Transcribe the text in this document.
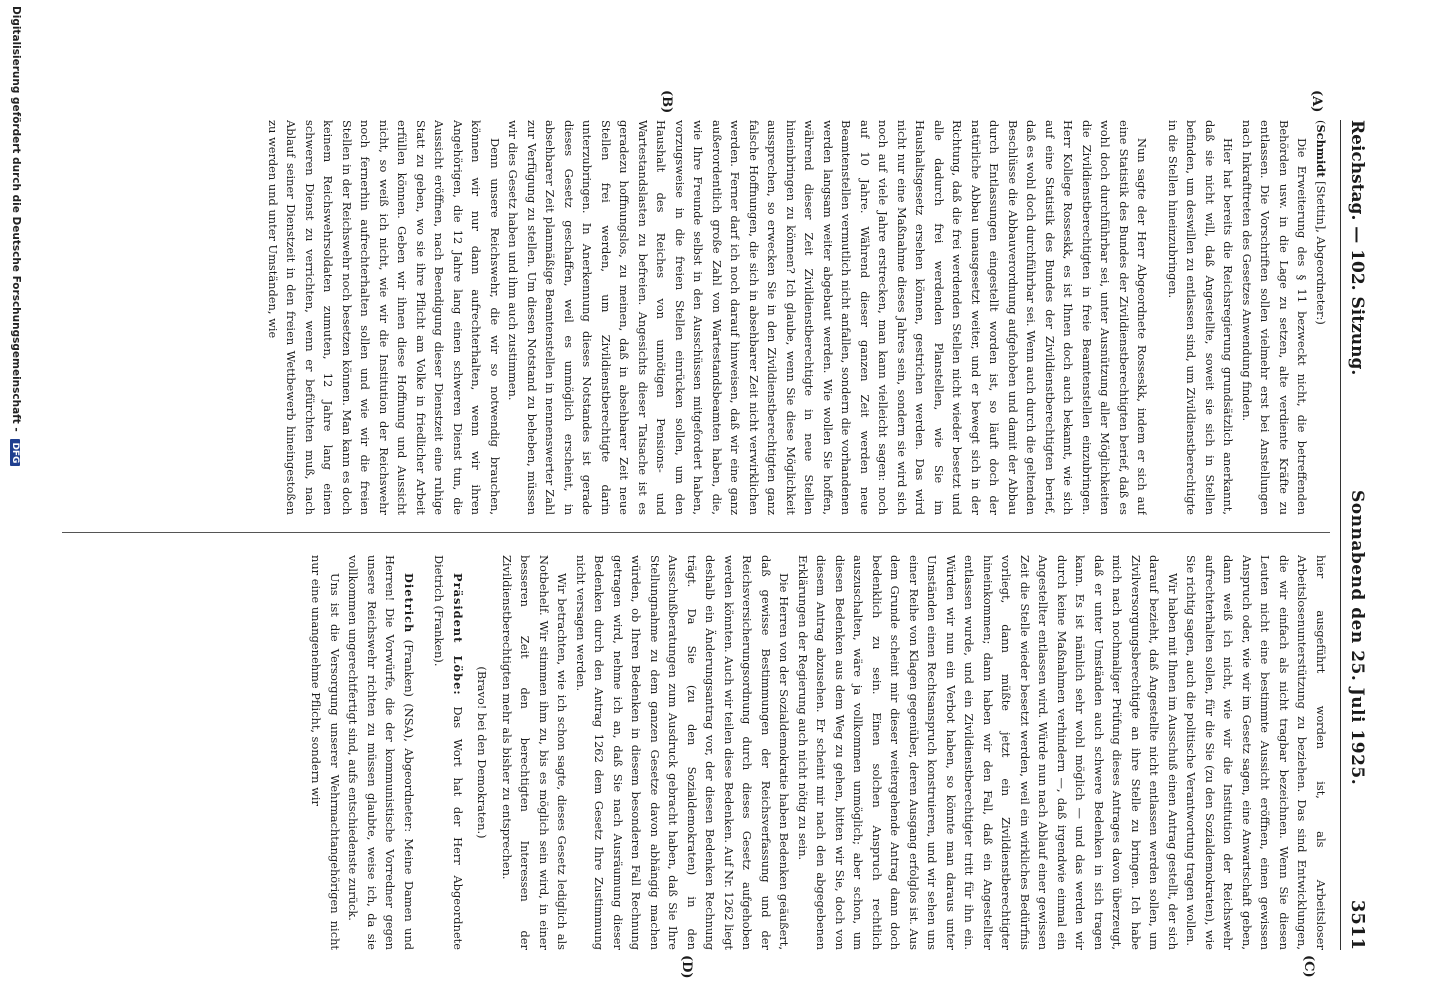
Reichstag. — 102. Sitzung.
Sonnabend den 25. Juli 1925.
3511
(A)
(B)
(C)
(D)

(Schmidt [Stettin], Abgeordneter:)

Die Erweiterung des § 11 bezweckt nicht, die betreffenden Behörden usw. in die Lage zu setzen, alte verdiente Kräfte zu entlassen. Die Vorschriften sollen vielmehr erst bei Anstellungen nach Inkrafttreten des Gesetzes Anwendung finden.

Hier hat bereits die Reichsregierung grundsätzlich anerkannt, daß sie nicht will, daß Angestellte, soweit sie sich in Stellen befinden, um deswillen zu entlassen sind, um Zivildienstberechtigte in die Stellen hineinzubringen.

Nun sagte der Herr Abgeordnete Rosseskk, indem er sich auf eine Statistik des Bundes der Zivildienstberechtigten berief, daß es wohl doch durchführbar sei, unter Ausnützung aller Möglichkeiten die Zivildienstberechtigten in freie Beamtenstellen einzubringen. Herr Kollege Rosseskk, es ist Ihnen doch auch bekannt, wie sich auf eine Statistik des Bundes der Zivildienstberechtigten berief, daß es wohl doch durchführbar sei. Wenn auch durch die geltenden Beschlüsse die Abbauverordnung aufgehoben und damit der Abbau durch Entlassungen eingestellt worden ist, so läuft doch der natürliche Abbau unausgesetzt weiter, und er bewegt sich in der Richtung, daß die frei werdenden Stellen nicht wieder besetzt und alle dadurch frei werdenden Planstellen, wie Sie im Haushaltsgesetz ersehen können, gestrichen werden. Das wird nicht nur eine Maßnahme dieses Jahres sein, sondern sie wird sich noch auf viele Jahre erstrecken, man kann vielleicht sagen: noch auf 10 Jahre. Während dieser ganzen Zeit werden neue Beamtenstellen vermutlich nicht anfallen, sondern die vorhandenen werden langsam weiter abgebaut werden. Wie wollen Sie hoffen, während dieser Zeit Zivildienstberechtigte in neue Stellen hineinbringen zu können? Ich glaube, wenn Sie diese Möglichkeit aussprechen, so erwecken Sie in den Zivildienstberechtigten ganz falsche Hoffnungen, die sich in absehbarer Zeit nicht verwirklichen werden. Ferner darf ich noch darauf hinweisen, daß wir eine ganz außerordentlich große Zahl von Wartestandsbeamten haben, die, wie Ihre Freunde selbst in den Ausschüssen mitgefordert haben, vorzugsweise in die freien Stellen einrücken sollen, um den Haushalt des Reiches von unnötigen Pensions- und Wartestandslasten zu befreien. Angesichts dieser Tatsache ist es geradezu hoffnungslos, zu meinen, daß in absehbarer Zeit neue Stellen frei werden, um Zivildienstberechtigte darin unterzubringen. In Anerkennung dieses Notstandes ist gerade dieses Gesetz geschaffen, weil es unmöglich erscheint, in absehbarer Zeit planmäßige Beamtenstellen in nennenswerter Zahl zur Verfügung zu stellen. Um diesen Notstand zu beheben, müssen wir dies Gesetz haben und ihm auch zustimmen.

Denn unsere Reichswehr, die wir so notwendig brauchen, können wir nur dann aufrechterhalten, wenn wir ihren Angehörigen, die 12 Jahre lang einen schweren Dienst tun, die Aussicht eröffnen, nach Beendigung dieser Dienstzeit eine ruhige Statt zu geben, wo sie ihre Pflicht am Volke in friedlicher Arbeit erfüllen können. Geben wir ihnen diese Hoffnung und Aussicht nicht, so weiß ich nicht, wie wir die Institution der Reichswehr noch fernerhin aufrechterhalten sollen und wie wir die freien Stellen in der Reichswehr noch besetzen können. Man kann es doch keinem Reichswehrsoldaten zumuten, 12 Jahre lang einen schweren Dienst zu verrichten, wenn er befürchten muß, nach Ablauf seiner Dienstzeit in den freien Wettbewerb hineingestoßen zu werden und unter Umständen, wie

hier ausgeführt worden ist, als Arbeitsloser Arbeitslosenunterstützung zu beziehen. Das sind Entwicklungen, die wir einfach als nicht tragbar bezeichnen. Wenn Sie diesen Leuten nicht eine bestimmte Aussicht eröffnen, einen gewissen Anspruch oder, wie wir im Gesetz sagen, eine Anwartschaft geben, dann weiß ich nicht, wie wir die Institution der Reichswehr aufrechterhalten sollen, für die Sie (zu den Sozialdemokraten), wie Sie richtig sagen, auch die politische Verantwortung tragen wollen.

Wir haben mit Ihnen im Ausschuß einen Antrag gestellt, der sich darauf bezieht, daß Angestellte nicht entlassen werden sollen, um Zivilversorgungsberechtigte an ihre Stelle zu bringen. Ich habe mich nach nochmaliger Prüfung dieses Antrages davon überzeugt, daß er unter Umständen auch schwere Bedenken in sich tragen kann. Es ist nämlich sehr wohl möglich — und das werden wir durch keine Maßnahmen verhindern —, daß irgendwie einmal ein Angestellter entlassen wird. Würde nun nach Ablauf einer gewissen Zeit die Stelle wieder besetzt werden, weil ein wirkliches Bedürfnis vorliegt, dann müßte jetzt ein Zivildienstberechtigter hineinkommen; dann haben wir den Fall, daß ein Angestellter entlassen wurde, und ein Zivildienstberechtigter tritt für ihn ein. Würden wir nun ein Verbot haben, so könnte man daraus unter Umständen einen Rechtsanspruch konstruieren, und wir sehen uns einer Reihe von Klagen gegenüber, deren Ausgang erfolglos ist. Aus dem Grunde scheint mir dieser weitergehende Antrag dann doch bedenklich zu sein. Einen solchen Anspruch rechtlich auszuschalten, wäre ja vollkommen unmöglich; aber schon, um diesen Bedenken aus dem Weg zu gehen, bitten wir Sie, doch von diesem Antrag abzusehen. Er scheint mir nach den abgegebenen Erklärungen der Regierung auch nicht nötig zu sein.

Die Herren von der Sozialdemokratie haben Bedenken geäußert, daß gewisse Bestimmungen der Reichsverfassung und der Reichsversicherungsordnung durch dieses Gesetz aufgehoben werden könnten. Auch wir teilen diese Bedenken. Auf Nr. 1262 liegt deshalb ein Änderungsantrag vor, der diesen Bedenken Rechnung trägt. Da Sie (zu den Sozialdemokraten) in den Ausschußberatungen zum Ausdruck gebracht haben, daß Sie Ihre Stellungnahme zu dem ganzen Gesetze davon abhängig machen würden, ob Ihren Bedenken in diesem besonderen Fall Rechnung getragen wird, nehme ich an, daß Sie nach Ausräumung dieser Bedenken durch den Antrag 1262 dem Gesetz Ihre Zustimmung nicht versagen werden.

Wir betrachten, wie ich schon sagte, dieses Gesetz lediglich als Notbehelf. Wir stimmen ihm zu, bis es möglich sein wird, in einer besseren Zeit den berechtigten Interessen der Zivildienstberechtigten mehr als bisher zu entsprechen.

(Bravo! bei den Demokraten.)

Präsident Löbe: Das Wort hat der Herr Abgeordnete Dietrich (Franken).

Dietrich (Franken) (NSA), Abgeordneter: Meine Damen und Herren! Die Vorwürfe, die der kommunistische Vorredner gegen unsere Reichswehr richten zu müssen glaubte, weise ich, da sie vollkommen ungerechtfertigt sind, aufs entschiedenste zurück.

Uns ist die Versorgung unserer Wehrmachtangehörigen nicht nur eine unangenehme Pflicht, sondern wir

Digitalisierung gefördert durch die Deutsche Forschungsgemeinschaft - DFG
